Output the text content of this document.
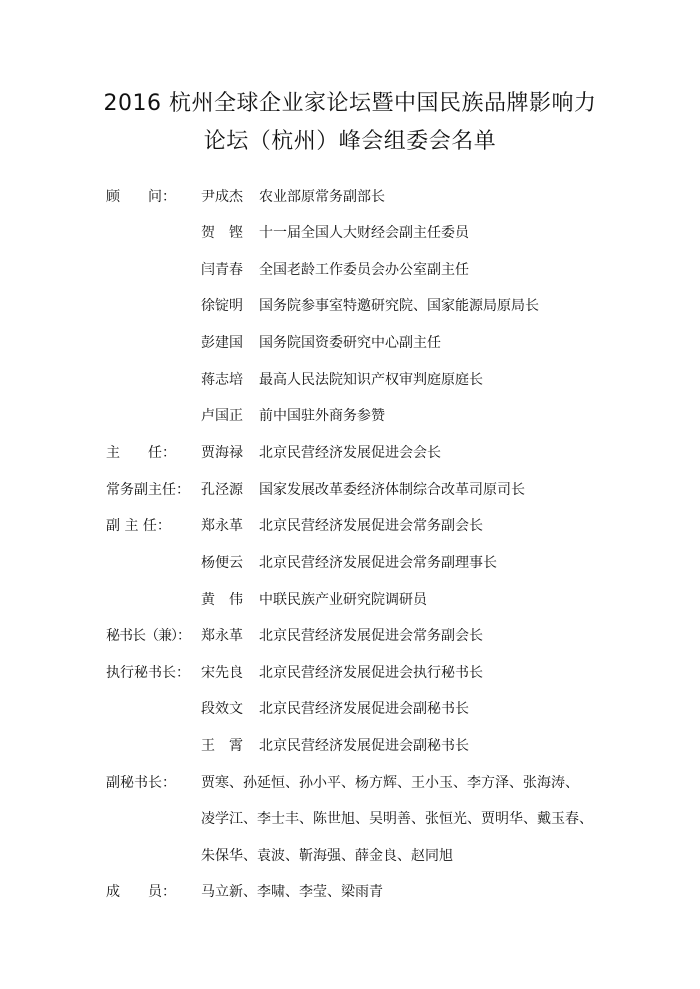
2016 杭州全球企业家论坛暨中国民族品牌影响力
论坛（杭州）峰会组委会名单
顾　　问： 尹成杰 农业部原常务副部长
贺　铿 十一届全国人大财经会副主任委员
闫青春 全国老龄工作委员会办公室副主任
徐锭明 国务院参事室特邀研究院、国家能源局原局长
彭建国 国务院国资委研究中心副主任
蒋志培 最高人民法院知识产权审判庭原庭长
卢国正 前中国驻外商务参赞
主　　任： 贾海禄 北京民营经济发展促进会会长
常务副主任： 孔泾源 国家发展改革委经济体制综合改革司原司长
副 主 任： 郑永革 北京民营经济发展促进会常务副会长
杨便云 北京民营经济发展促进会常务副理事长
黄　伟 中联民族产业研究院调研员
秘书长（兼）： 郑永革 北京民营经济发展促进会常务副会长
执行秘书长： 宋先良 北京民营经济发展促进会执行秘书长
段效文 北京民营经济发展促进会副秘书长
王　霄 北京民营经济发展促进会副秘书长
副秘书长： 贾寒、孙延恒、孙小平、杨方辉、王小玉、李方泽、张海涛、
凌学江、李士丰、陈世旭、吴明善、张恒光、贾明华、戴玉春、
朱保华、袁波、靳海强、薛金良、赵同旭
成　　员： 马立新、李啸、李莹、梁雨青
